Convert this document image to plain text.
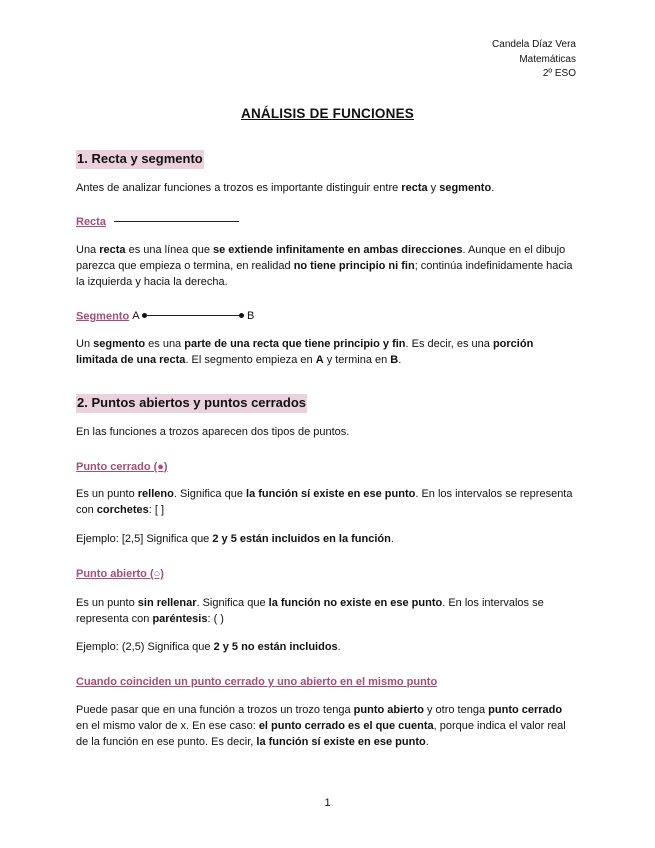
Candela Díaz Vera
Matemáticas
2º ESO
ANÁLISIS DE FUNCIONES
1. Recta y segmento
Antes de analizar funciones a trozos es importante distinguir entre recta y segmento.
Recta
Una recta es una línea que se extiende infinitamente en ambas direcciones. Aunque en el dibujo parezca que empieza o termina, en realidad no tiene principio ni fin; continúa indefinidamente hacia la izquierda y hacia la derecha.
Segmento A	B
Un segmento es una parte de una recta que tiene principio y fin. Es decir, es una porción limitada de una recta. El segmento empieza en A y termina en B.
2. Puntos abiertos y puntos cerrados
En las funciones a trozos aparecen dos tipos de puntos.
Punto cerrado (●)
Es un punto relleno. Significa que la función sí existe en ese punto. En los intervalos se representa con corchetes: [ ]
Ejemplo: [2,5] Significa que 2 y 5 están incluidos en la función.
Punto abierto (○)
Es un punto sin rellenar. Significa que la función no existe en ese punto. En los intervalos se representa con paréntesis: ( )
Ejemplo: (2,5) Significa que 2 y 5 no están incluidos.
Cuando coinciden un punto cerrado y uno abierto en el mismo punto
Puede pasar que en una función a trozos un trozo tenga punto abierto y otro tenga punto cerrado en el mismo valor de x. En ese caso: el punto cerrado es el que cuenta, porque indica el valor real de la función en ese punto. Es decir, la función sí existe en ese punto.
1
